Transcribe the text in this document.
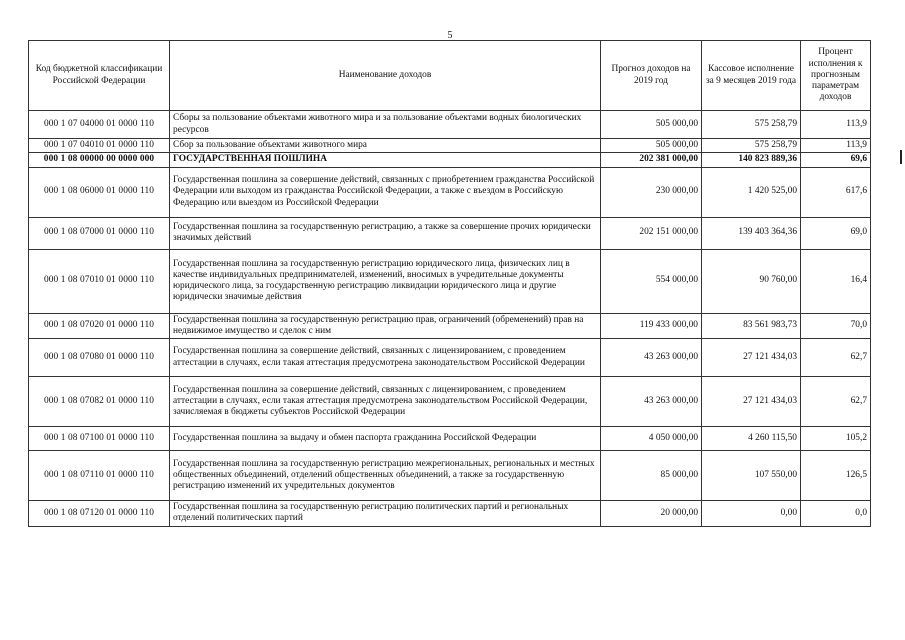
5
Код бюджетной классификации Российской Федерации	Наименование доходов	Прогноз доходов на 2019 год	Кассовое исполнение за 9 месяцев 2019 года	Процент исполнения к прогнозным параметрам доходов
000 1 07 04000 01 0000 110	Сборы за пользование объектами животного мира и за пользование объектами водных биологических ресурсов	505 000,00	575 258,79	113,9
000 1 07 04010 01 0000 110	Сбор за пользование объектами животного мира	505 000,00	575 258,79	113,9
000 1 08 00000 00 0000 000	ГОСУДАРСТВЕННАЯ ПОШЛИНА	202 381 000,00	140 823 889,36	69,6
000 1 08 06000 01 0000 110	Государственная пошлина за совершение действий, связанных с приобретением гражданства Российской Федерации или выходом из гражданства Российской Федерации, а также с въездом в Российскую Федерацию или выездом из Российской Федерации	230 000,00	1 420 525,00	617,6
000 1 08 07000 01 0000 110	Государственная пошлина за государственную регистрацию, а также за совершение прочих юридически значимых действий	202 151 000,00	139 403 364,36	69,0
000 1 08 07010 01 0000 110	Государственная пошлина за государственную регистрацию юридического лица, физических лиц в качестве индивидуальных предпринимателей, изменений, вносимых в учредительные документы юридического лица, за государственную регистрацию ликвидации юридического лица и другие юридически значимые действия	554 000,00	90 760,00	16,4
000 1 08 07020 01 0000 110	Государственная пошлина за государственную регистрацию прав, ограничений (обременений) прав на недвижимое имущество и сделок с ним	119 433 000,00	83 561 983,73	70,0
000 1 08 07080 01 0000 110	Государственная пошлина за совершение действий, связанных с лицензированием, с проведением аттестации в случаях, если такая аттестация предусмотрена законодательством Российской Федерации	43 263 000,00	27 121 434,03	62,7
000 1 08 07082 01 0000 110	Государственная пошлина за совершение действий, связанных с лицензированием, с проведением аттестации в случаях, если такая аттестация предусмотрена законодательством Российской Федерации, зачисляемая в бюджеты субъектов Российской Федерации	43 263 000,00	27 121 434,03	62,7
000 1 08 07100 01 0000 110	Государственная пошлина за выдачу и обмен паспорта гражданина Российской Федерации	4 050 000,00	4 260 115,50	105,2
000 1 08 07110 01 0000 110	Государственная пошлина за государственную регистрацию межрегиональных, региональных и местных общественных объединений, отделений общественных объединений, а также за государственную регистрацию изменений их учредительных документов	85 000,00	107 550,00	126,5
000 1 08 07120 01 0000 110	Государственная пошлина за государственную регистрацию политических партий и региональных отделений политических партий	20 000,00	0,00	0,0
